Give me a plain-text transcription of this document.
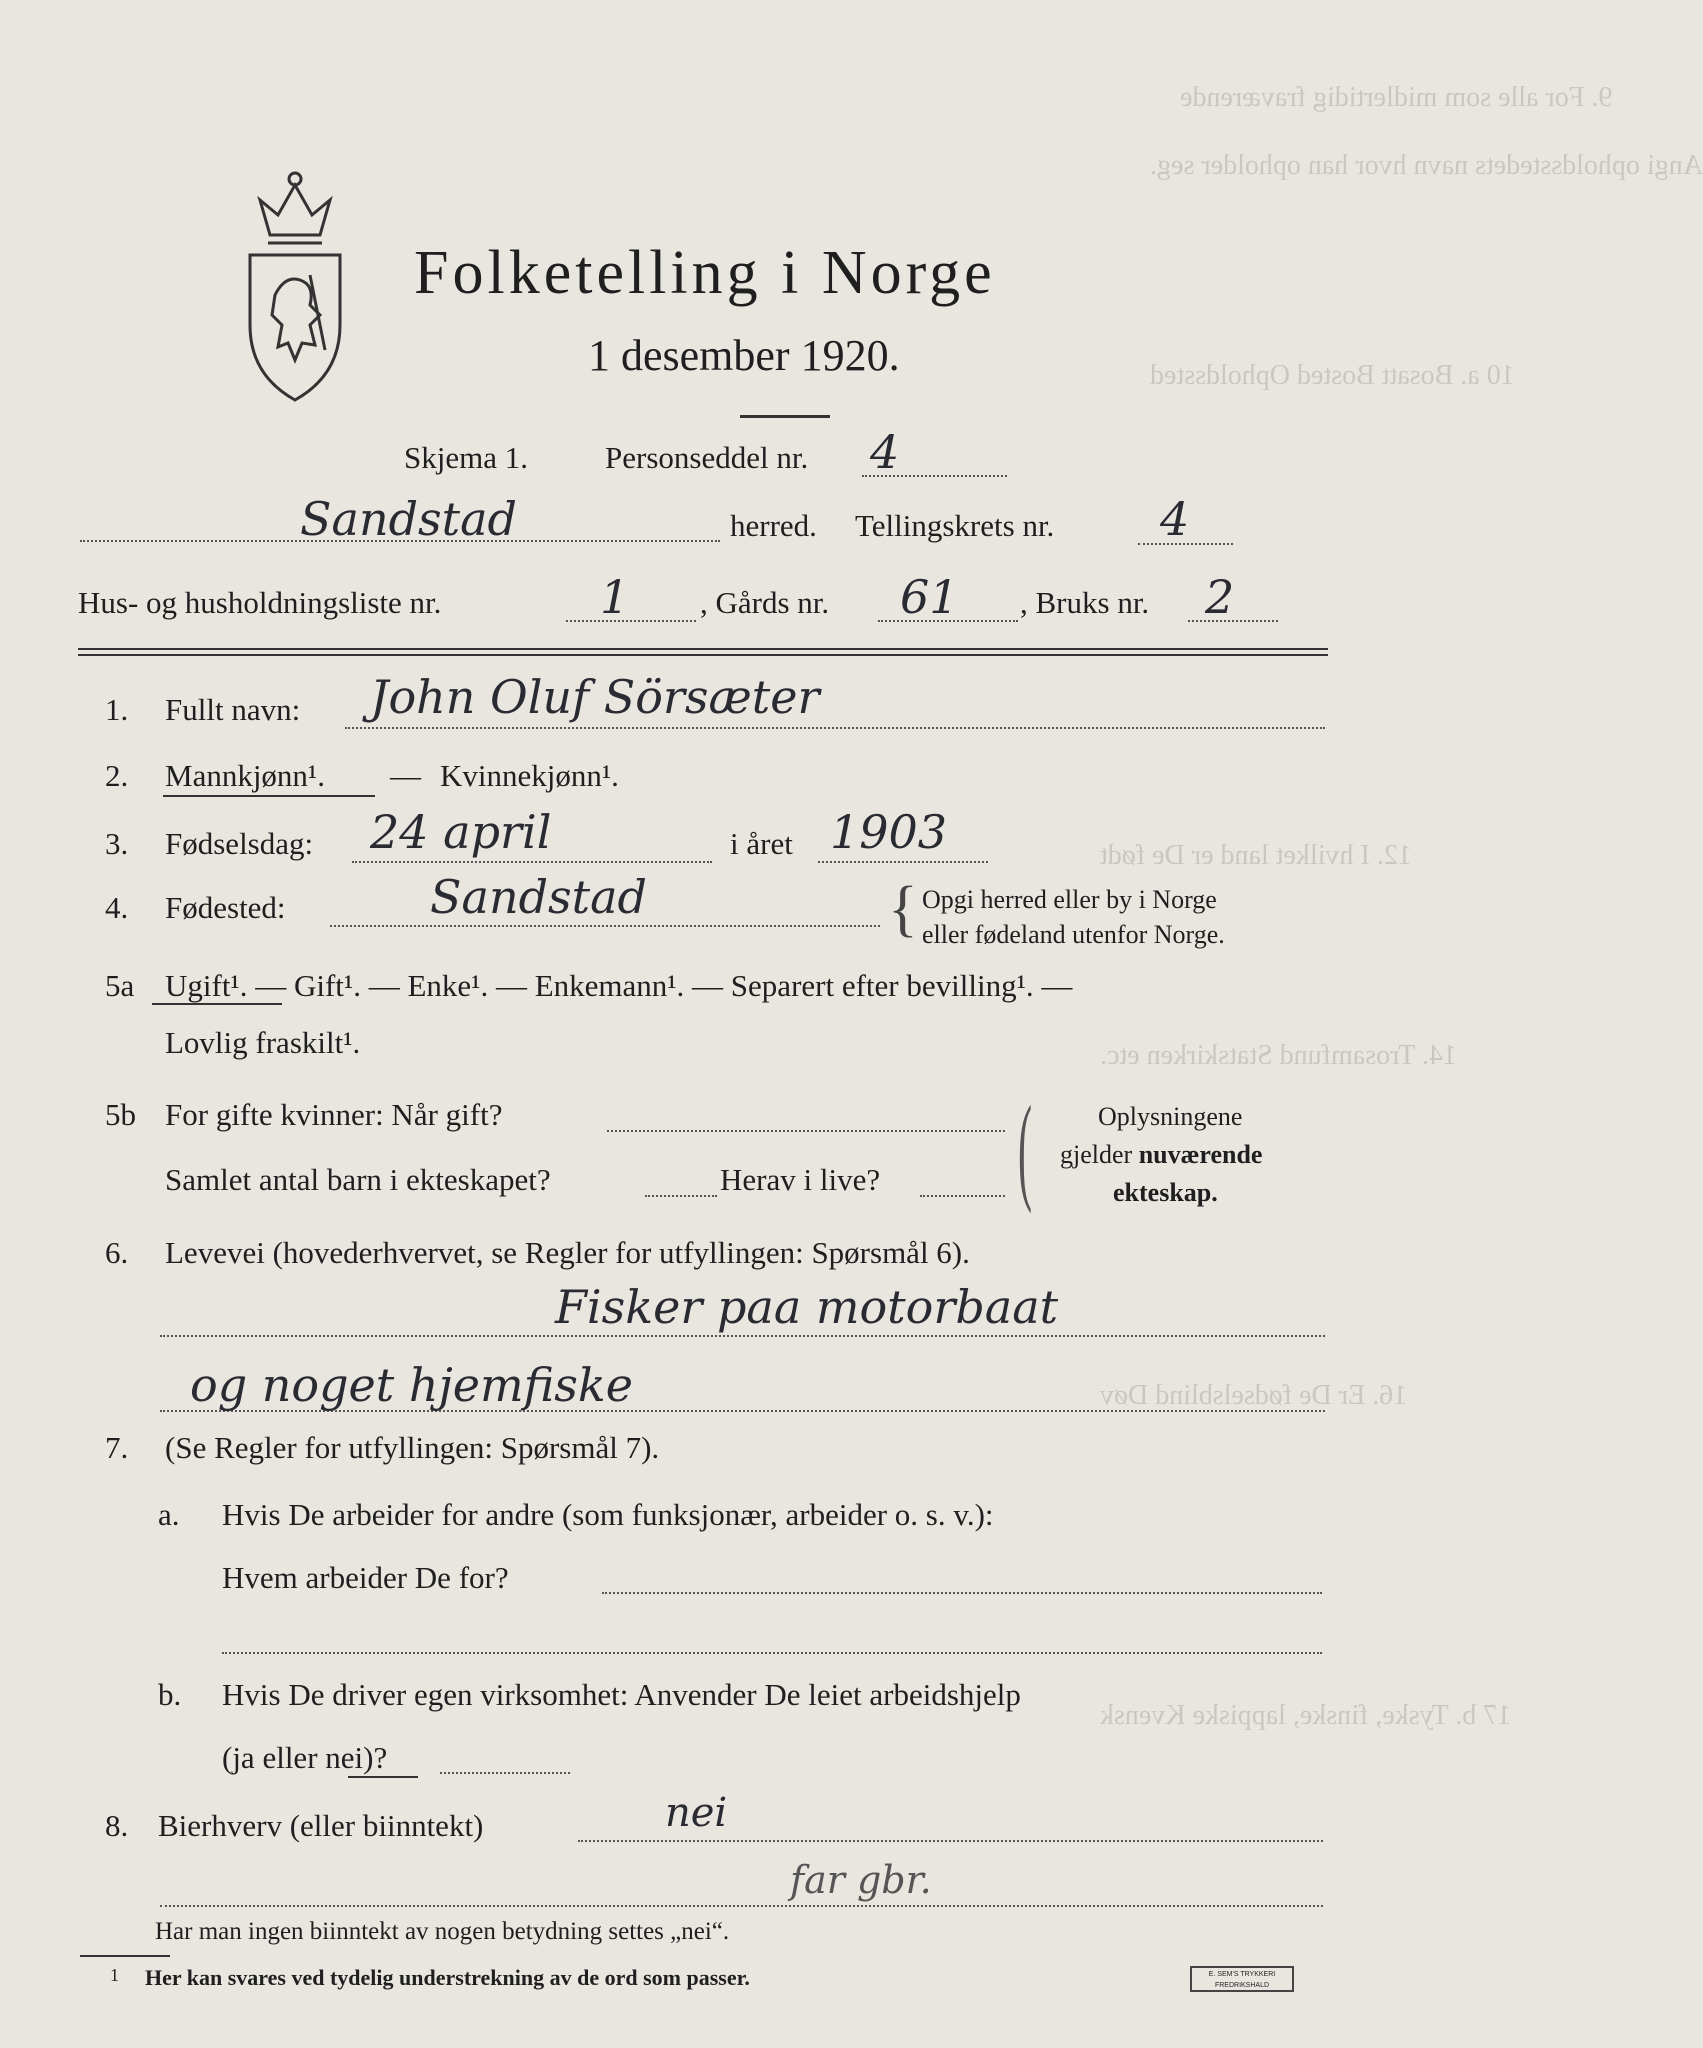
9. For alle som midlertidig fraværende
Angi opholdsstedets navn hvor han opholder seg.
10 a. Bosatt Bosted Opholdssted
12. I hvilket land er De født
14. Trosamfund Statskirken etc.
16. Er De fødselsblind Døv
17 b. Tyske, finske, lappiske Kvensk
Folketelling i Norge
1 desember 1920.
Skjema 1. Personseddel nr. 4
Sandstad	herred. Tellingskrets nr. 4
Hus- og husholdningsliste nr.	1 , Gårds nr. 61 , Bruks nr. 2
1. Fullt navn: John Oluf Sörsæter
2. Mannkjønn¹. — Kvinnekjønn¹.
3. Fødselsdag: 24 april	i året 1903
4. Fødested:	Sandstad	{ Opgi herred eller by i Norge
eller fødeland utenfor Norge.
5a Ugift¹. — Gift¹. — Enke¹. — Enkemann¹. — Separert efter bevilling¹. —
Lovlig fraskilt¹.
5b For gifte kvinner: Når gift?
Samlet antal barn i ekteskapet?	Herav i live? (	Oplysningene
gjelder nuværende
ekteskap.
6. Levevei (hovederhvervet, se Regler for utfyllingen: Spørsmål 6).
Fisker paa motorbaat
og noget hjemfiske
7. (Se Regler for utfyllingen: Spørsmål 7).
a. Hvis De arbeider for andre (som funksjonær, arbeider o. s. v.):
Hvem arbeider De for?
b. Hvis De driver egen virksomhet: Anvender De leiet arbeidshjelp
(ja eller nei)?
8. Bierhverv (eller biinntekt)	nei
far gbr.
Har man ingen biinntekt av nogen betydning settes „nei“.
1 Her kan svares ved tydelig understrekning av de ord som passer.	E. SEM'S TRYKKERI FREDRIKSHALD
